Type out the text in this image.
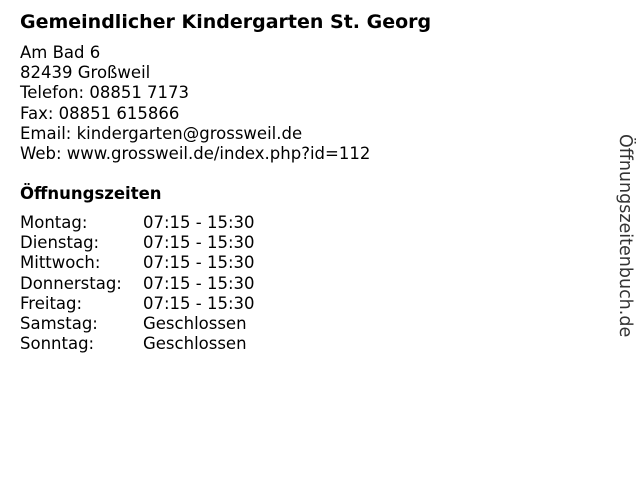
Gemeindlicher Kindergarten St. Georg
Am Bad 6
82439 Großweil
Telefon: 08851 7173
Fax: 08851 615866
Email: kindergarten@grossweil.de
Web: www.grossweil.de/index.php?id=112
Öffnungszeiten
Montag:	07:15 - 15:30
Dienstag:	07:15 - 15:30
Mittwoch:	07:15 - 15:30
Donnerstag: 07:15 - 15:30
Freitag:	07:15 - 15:30
Samstag:	Geschlossen
Sonntag:	Geschlossen
Öffnungszeitenbuch.de
